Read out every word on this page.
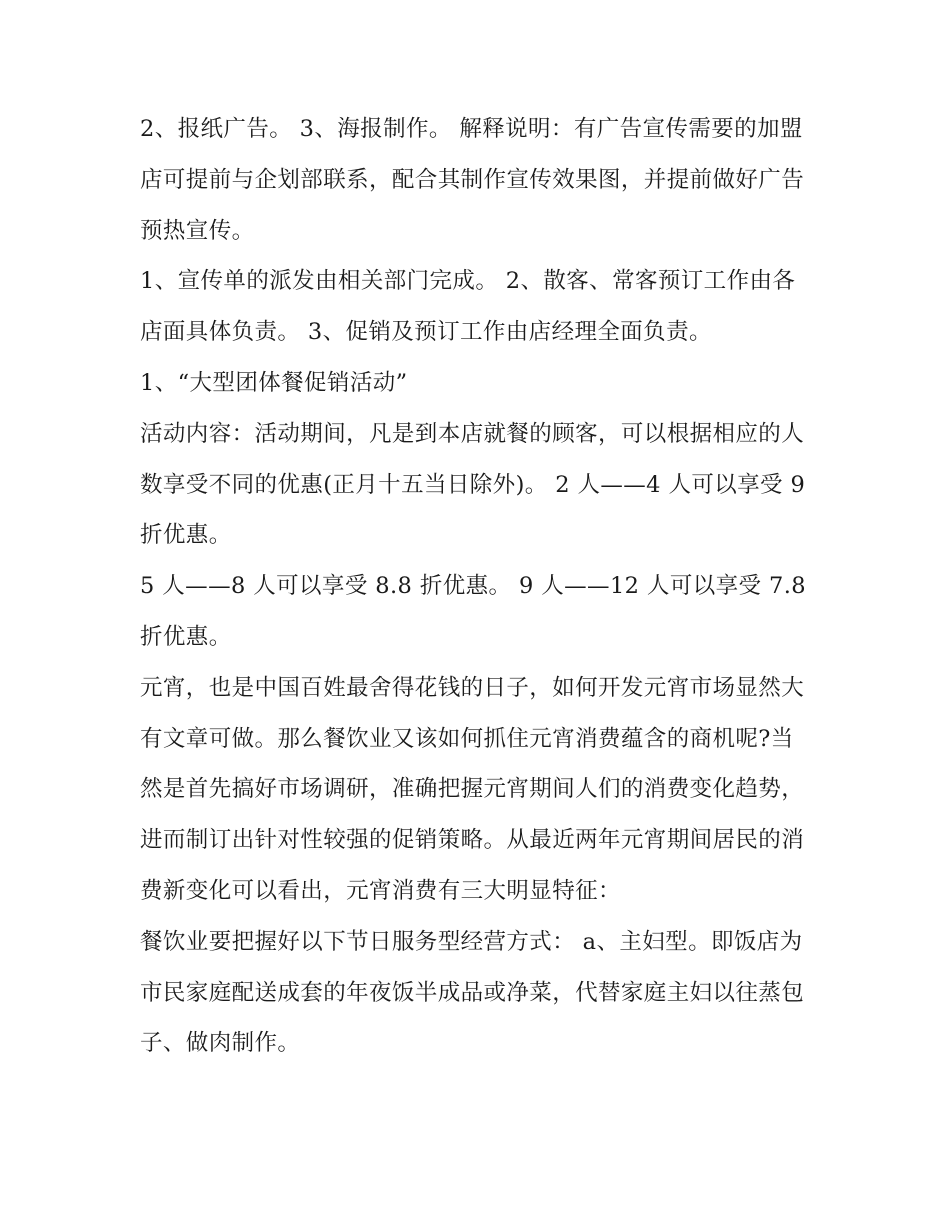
2、报纸广告。 3、海报制作。 解释说明：有广告宣传需要的加盟店可提前与企划部联系，配合其制作宣传效果图，并提前做好广告预热宣传。

1、宣传单的派发由相关部门完成。 2、散客、常客预订工作由各店面具体负责。 3、促销及预订工作由店经理全面负责。

1、“大型团体餐促销活动”

活动内容：活动期间，凡是到本店就餐的顾客，可以根据相应的人数享受不同的优惠(正月十五当日除外)。 2 人——4 人可以享受 9 折优惠。

5 人——8 人可以享受 8.8 折优惠。 9 人——12 人可以享受 7.8 折优惠。

元宵，也是中国百姓最舍得花钱的日子，如何开发元宵市场显然大有文章可做。那么餐饮业又该如何抓住元宵消费蕴含的商机呢?当然是首先搞好市场调研，准确把握元宵期间人们的消费变化趋势，进而制订出针对性较强的促销策略。从最近两年元宵期间居民的消费新变化可以看出，元宵消费有三大明显特征：

餐饮业要把握好以下节日服务型经营方式： a、主妇型。即饭店为市民家庭配送成套的年夜饭半成品或净菜，代替家庭主妇以往蒸包子、做肉制作。
